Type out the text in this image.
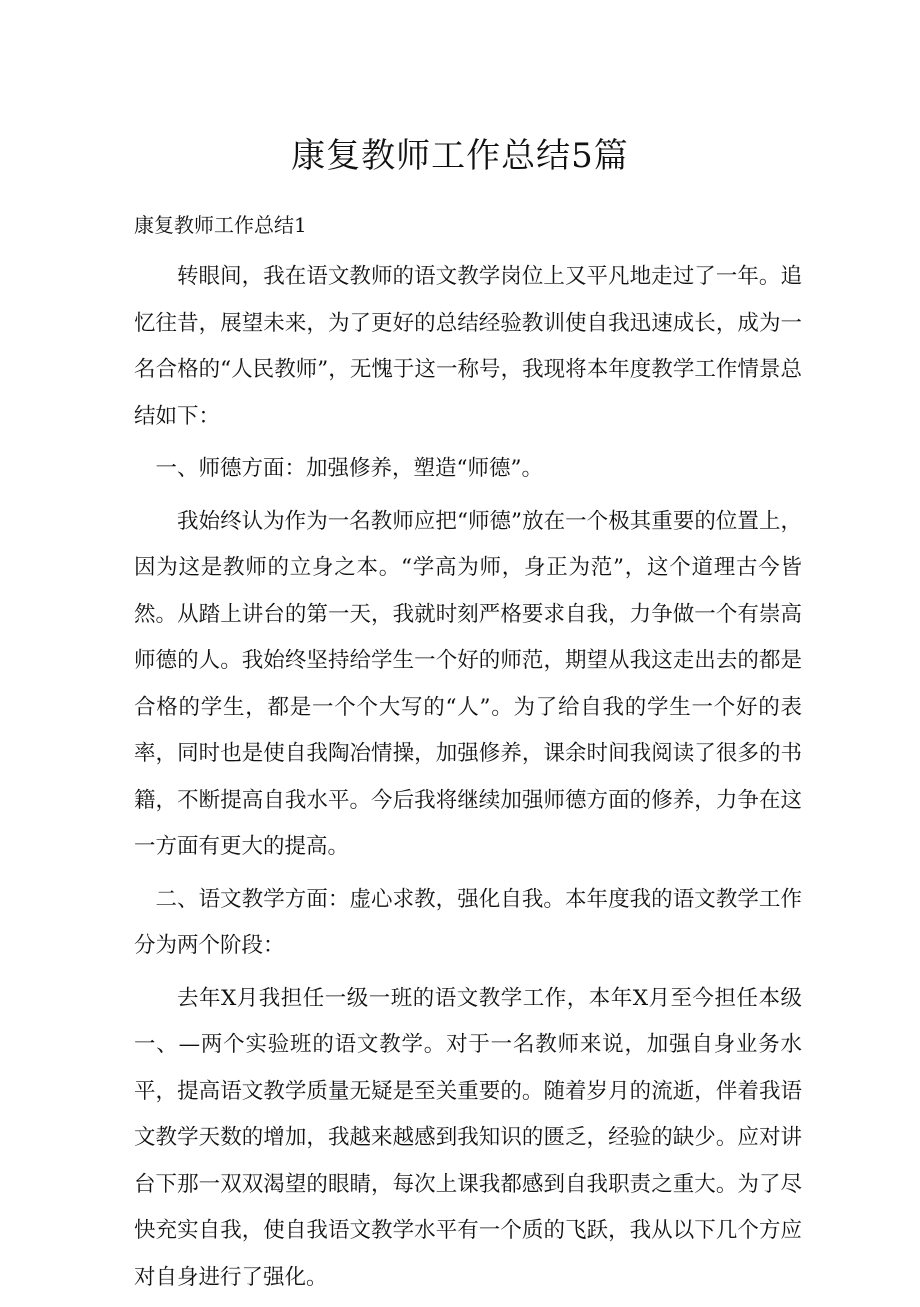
康复教师工作总结5篇
康复教师工作总结1

转眼间，我在语文教师的语文教学岗位上又平凡地走过了一年。追忆往昔，展望未来，为了更好的总结经验教训使自我迅速成长，成为一名合格的“人民教师”，无愧于这一称号，我现将本年度教学工作情景总结如下：

一、师德方面：加强修养，塑造“师德”。

我始终认为作为一名教师应把“师德”放在一个极其重要的位置上，因为这是教师的立身之本。“学高为师，身正为范”，这个道理古今皆然。从踏上讲台的第一天，我就时刻严格要求自我，力争做一个有崇高师德的人。我始终坚持给学生一个好的师范，期望从我这走出去的都是合格的学生，都是一个个大写的“人”。为了给自我的学生一个好的表率，同时也是使自我陶冶情操，加强修养，课余时间我阅读了很多的书籍，不断提高自我水平。今后我将继续加强师德方面的修养，力争在这一方面有更大的提高。

二、语文教学方面：虚心求教，强化自我。本年度我的语文教学工作分为两个阶段：

去年X月我担任一级一班的语文教学工作，本年X月至今担任本级一、—两个实验班的语文教学。对于一名教师来说，加强自身业务水平，提高语文教学质量无疑是至关重要的。随着岁月的流逝，伴着我语文教学天数的增加，我越来越感到我知识的匮乏，经验的缺少。应对讲台下那一双双渴望的眼睛，每次上课我都感到自我职责之重大。为了尽快充实自我，使自我语文教学水平有一个质的飞跃，我从以下几个方应对自身进行了强化。
